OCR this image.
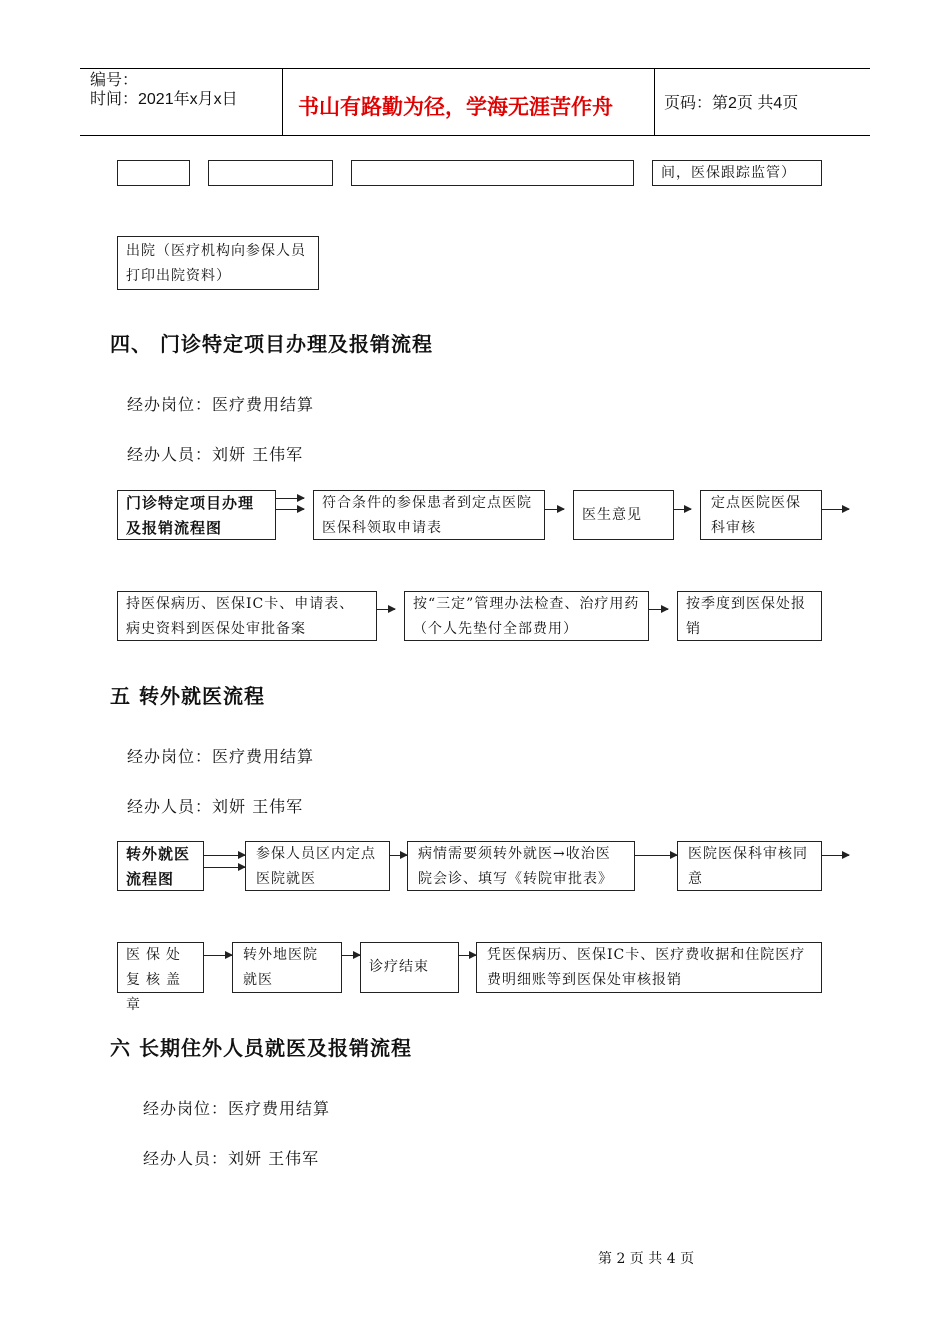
编号：
时间：2021年x月x日	书山有路勤为径，学海无涯苦作舟	页码：第2页 共4页
间，医保跟踪监管）
出院（医疗机构向参保人员打印出院资料）
四、 门诊特定项目办理及报销流程
经办岗位：医疗费用结算
经办人员：刘妍 王伟军
门诊特定项目办理及报销流程图
符合条件的参保患者到定点医院医保科领取申请表
医生意见
定点医院医保科审核
持医保病历、医保IC卡、申请表、病史资料到医保处审批备案
按“三定”管理办法检查、治疗用药（个人先垫付全部费用）
按季度到医保处报销
五 转外就医流程
经办岗位：医疗费用结算
经办人员：刘妍 王伟军
转外就医流程图
参保人员区内定点医院就医
病情需要须转外就医→收治医院会诊、填写《转院审批表》
医院医保科审核同意
医保处复核盖章
转外地医院就医
诊疗结束
凭医保病历、医保IC卡、医疗费收据和住院医疗费明细账等到医保处审核报销
六 长期住外人员就医及报销流程
经办岗位：医疗费用结算
经办人员：刘妍 王伟军
第 2 页 共 4 页
